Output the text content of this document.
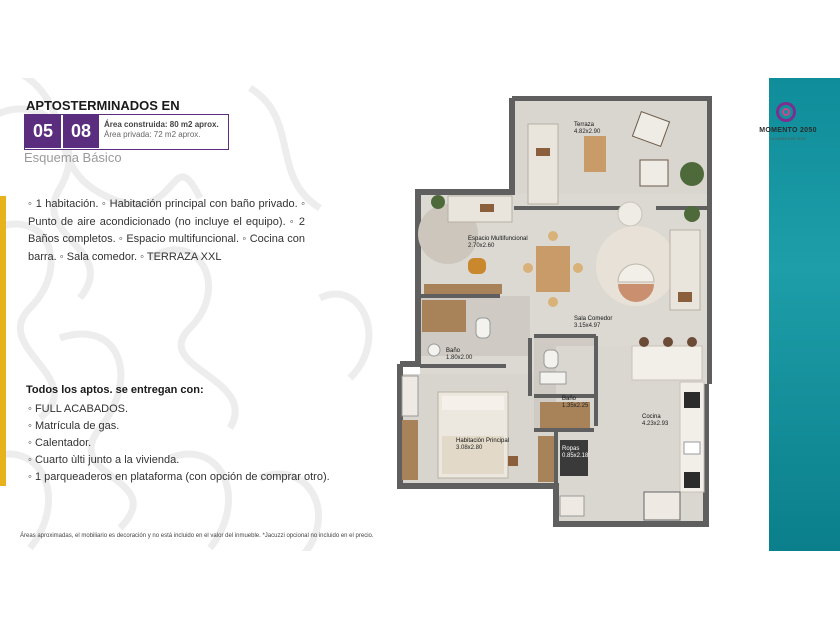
APTOSTERMINADOS EN
05 08	Área construida: 80 m2 aprox.
Área privada: 72 m2 aprox.
Esquema Básico
◦ 1 habitación. ◦ Habitación principal con baño privado. ◦ Punto de aire acondicionado (no incluye el equipo). ◦ 2 Baños completos. ◦ Espacio multifuncional. ◦ Cocina con barra. ◦ Sala comedor. ◦ TERRAZA XXL
Todos los aptos. se entregan con:
◦ FULL ACABADOS.
◦ Matrícula de gas.
◦ Calentador.
◦ Cuarto ùlti junto a la vivienda.
◦ 1 parqueaderos en plataforma (con opción de comprar otro).
Áreas aproximadas, el mobiliario es decoración y no está incluido en el valor del inmueble. *Jacuzzi opcional no incluido en el precio.
Terraza
4.82x2.90
Espacio Multifuncional
2.70x2.60
Sala Comedor
3.15x4.97
Baño
1.80x2.00
Baño
1.35x2.25
Cocina
4.23x2.93
Habitación Principal
3.08x2.80	Ropas
0.85x2.18
MOMENTO 2050
LA MANERA DE VIVIR
